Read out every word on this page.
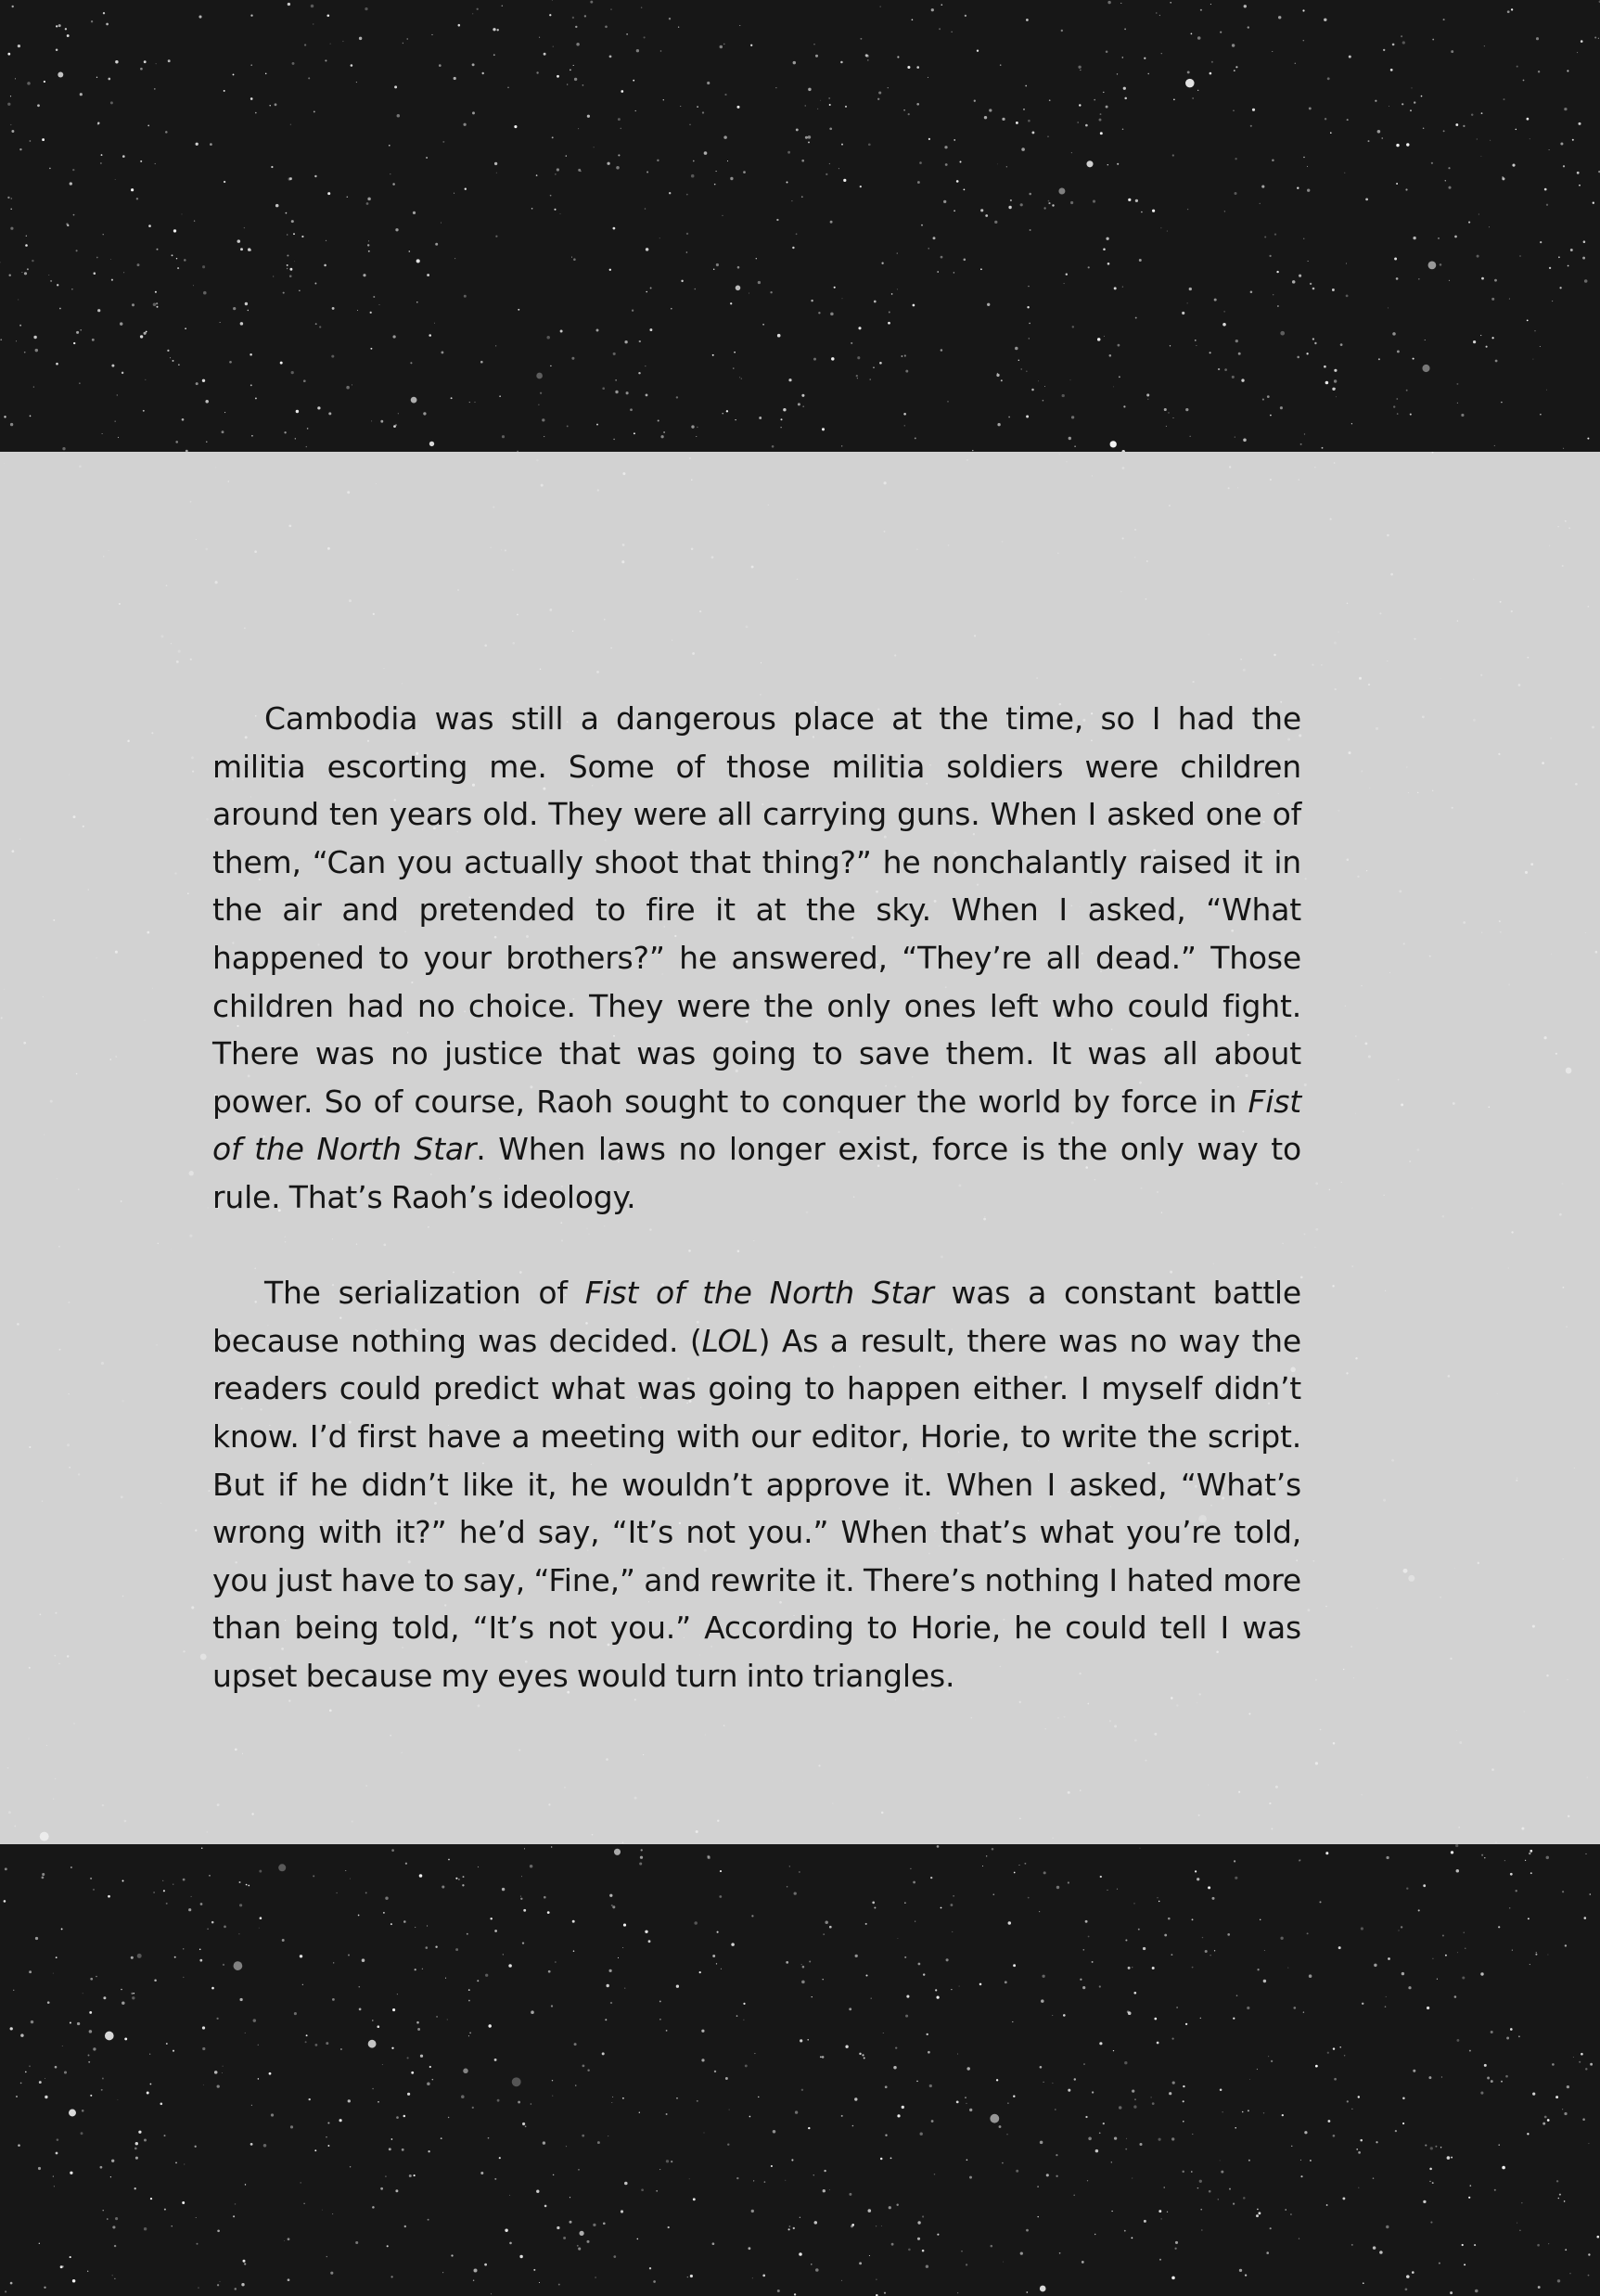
Cambodia was still a dangerous place at the time, so I had the militia escorting me. Some of those militia soldiers were children around ten years old. They were all carrying guns. When I asked one of them, “Can you actually shoot that thing?” he nonchalantly raised it in the air and pretended to fire it at the sky. When I asked, “What happened to your brothers?” he answered, “They’re all dead.” Those children had no choice. They were the only ones left who could fight. There was no justice that was going to save them. It was all about power. So of course, Raoh sought to conquer the world by force in Fist of the North Star. When laws no longer exist, force is the only way to rule. That’s Raoh’s ideology.

The serialization of Fist of the North Star was a constant battle because nothing was decided. (LOL) As a result, there was no way the readers could predict what was going to happen either. I myself didn’t know. I’d first have a meeting with our editor, Horie, to write the script. But if he didn’t like it, he wouldn’t approve it. When I asked, “What’s wrong with it?” he’d say, “It’s not you.” When that’s what you’re told, you just have to say, “Fine,” and rewrite it. There’s nothing I hated more than being told, “It’s not you.” According to Horie, he could tell I was upset because my eyes would turn into triangles.
